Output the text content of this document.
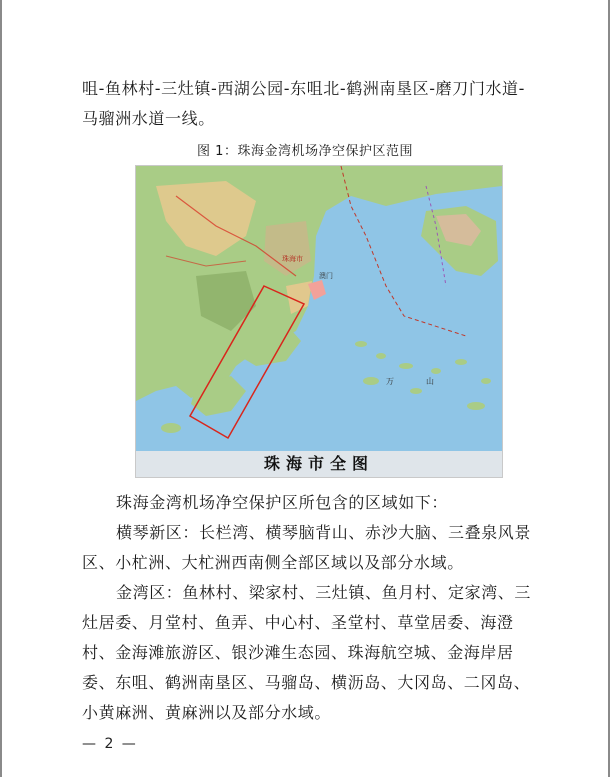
咀-鱼林村-三灶镇-西湖公园-东咀北-鹤洲南垦区-磨刀门水道-马骝洲水道一线。

图 1：珠海金湾机场净空保护区范围
澳门
珠海市
万	山
珠海市全图

珠海金湾机场净空保护区所包含的区域如下：

横琴新区：长栏湾、横琴脑背山、赤沙大脑、三叠泉风景区、小杧洲、大杧洲西南侧全部区域以及部分水域。

金湾区：鱼林村、梁家村、三灶镇、鱼月村、定家湾、三灶居委、月堂村、鱼弄、中心村、圣堂村、草堂居委、海澄村、金海滩旅游区、银沙滩生态园、珠海航空城、金海岸居委、东咀、鹤洲南垦区、马骝岛、横沥岛、大冈岛、二冈岛、小黄麻洲、黄麻洲以及部分水域。

— 2 —
